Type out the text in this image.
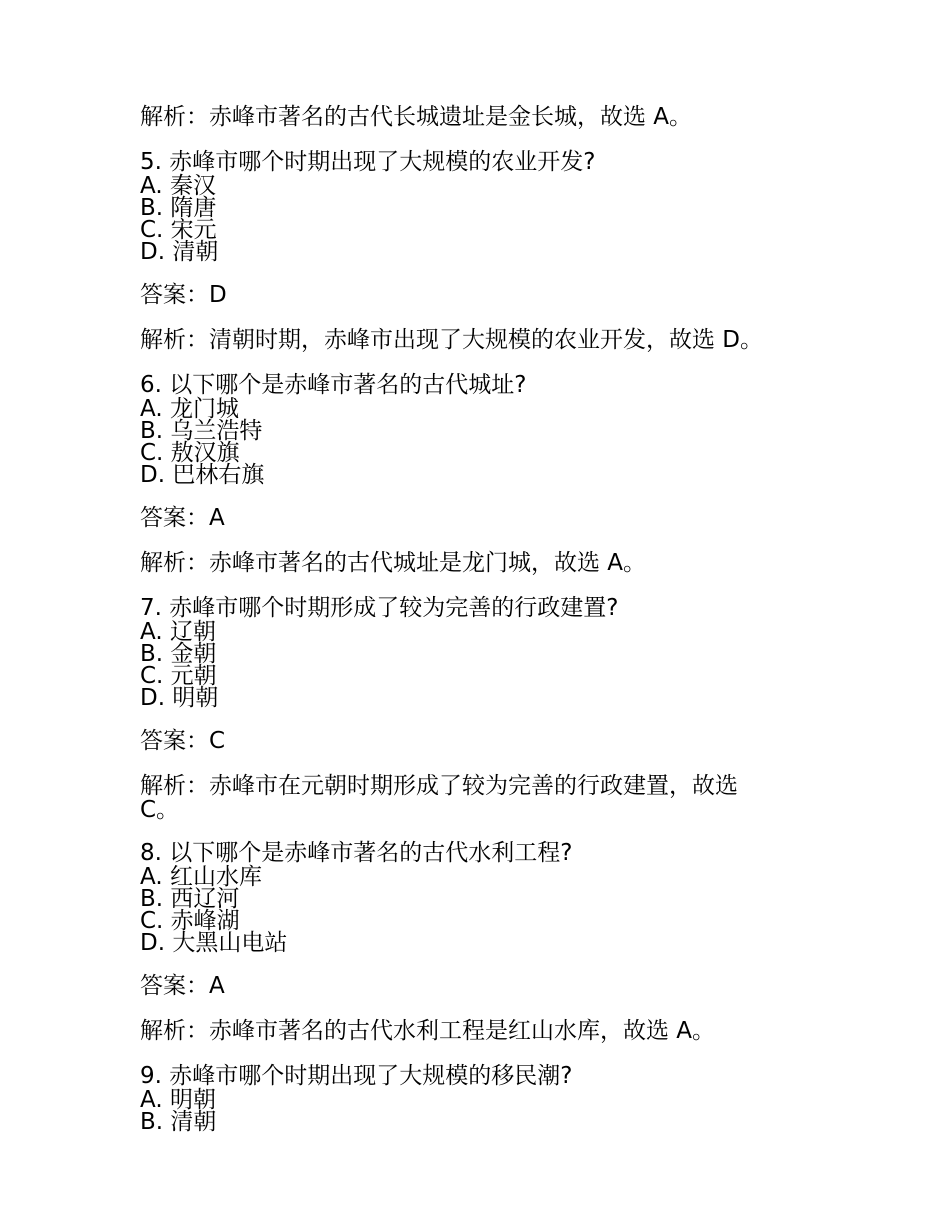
解析：赤峰市著名的古代长城遗址是金长城，故选 A。

5. 赤峰市哪个时期出现了大规模的农业开发?
A. 秦汉
B. 隋唐
C. 宋元
D. 清朝

答案：D

解析：清朝时期，赤峰市出现了大规模的农业开发，故选 D。

6. 以下哪个是赤峰市著名的古代城址?
A. 龙门城
B. 乌兰浩特
C. 敖汉旗
D. 巴林右旗

答案：A

解析：赤峰市著名的古代城址是龙门城，故选 A。

7. 赤峰市哪个时期形成了较为完善的行政建置?
A. 辽朝
B. 金朝
C. 元朝
D. 明朝

答案：C

解析：赤峰市在元朝时期形成了较为完善的行政建置，故选
C。
8. 以下哪个是赤峰市著名的古代水利工程?
A. 红山水库
B. 西辽河
C. 赤峰湖
D. 大黑山电站

答案：A

解析：赤峰市著名的古代水利工程是红山水库，故选 A。

9. 赤峰市哪个时期出现了大规模的移民潮?
A. 明朝
B. 清朝
